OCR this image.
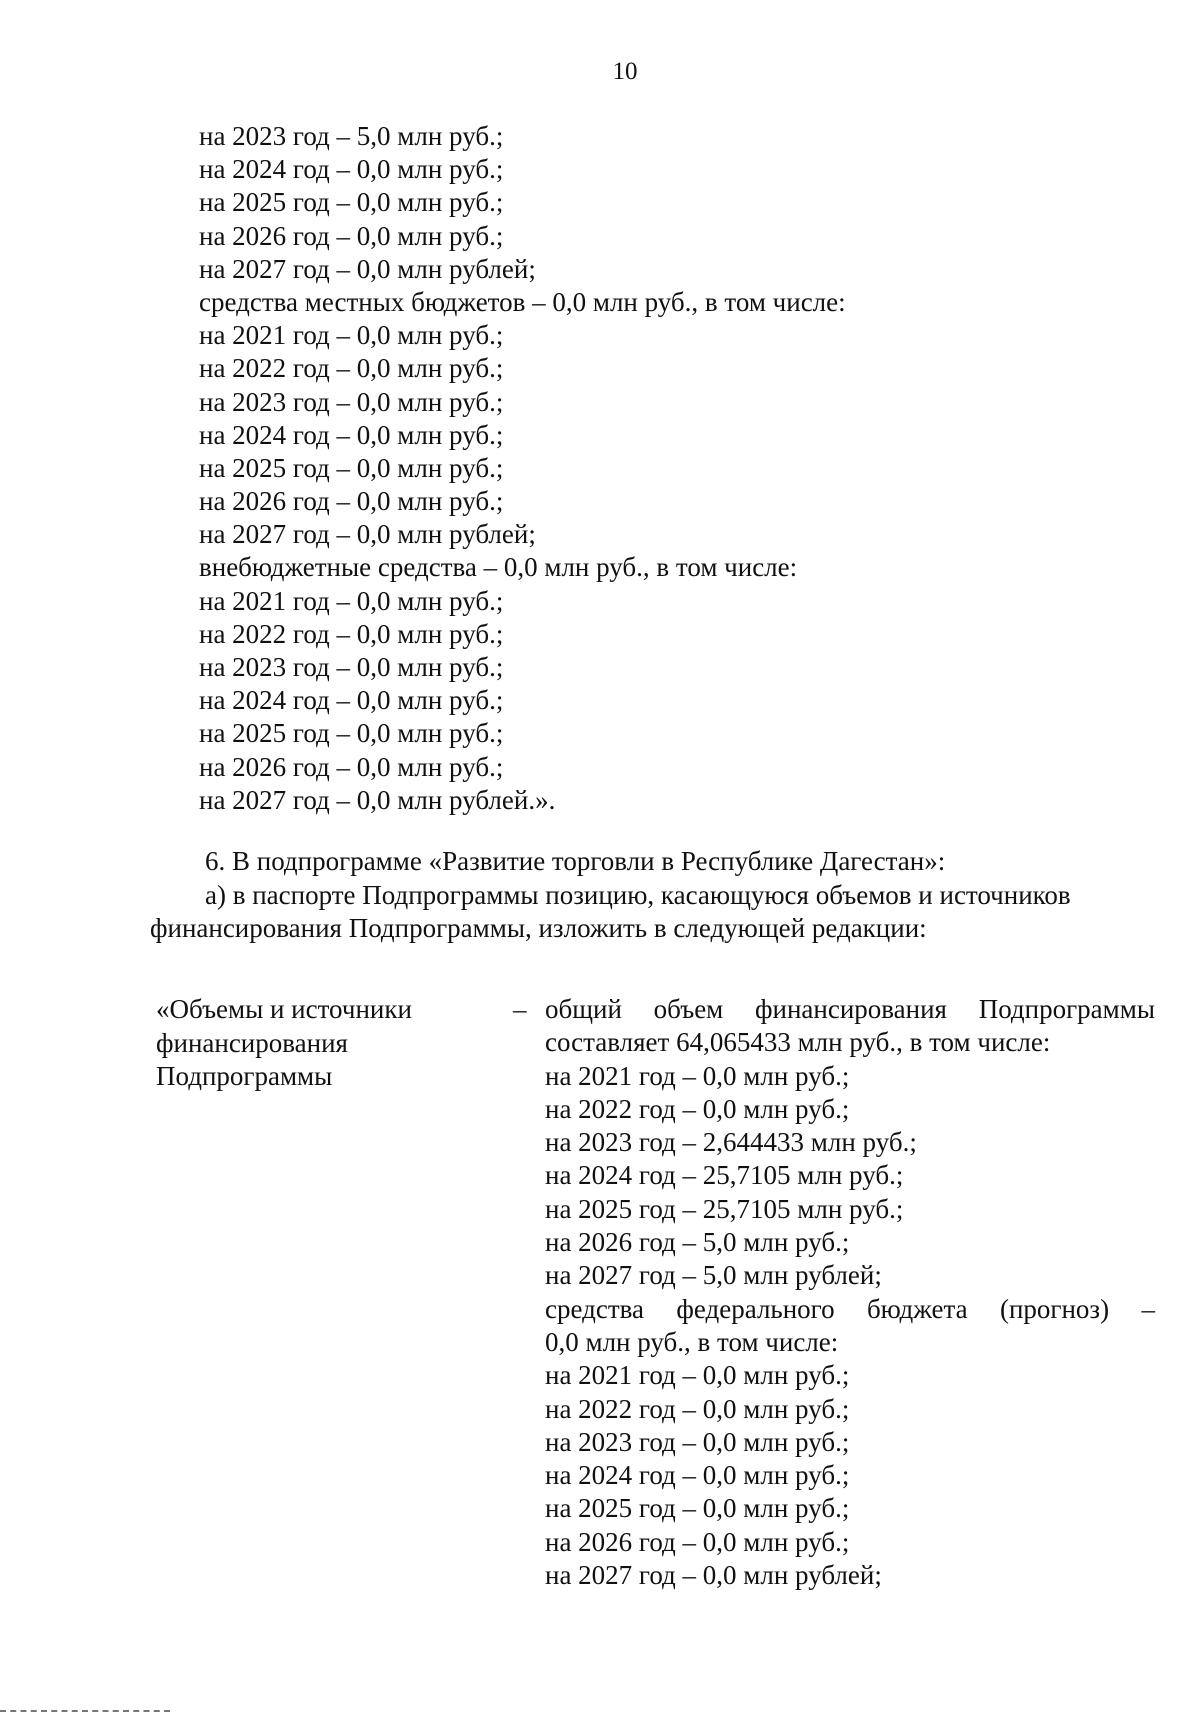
10
на 2023 год – 5,0 млн руб.;
на 2024 год – 0,0 млн руб.;
на 2025 год – 0,0 млн руб.;
на 2026 год – 0,0 млн руб.;
на 2027 год – 0,0 млн рублей;
средства местных бюджетов – 0,0 млн руб., в том числе:
на 2021 год – 0,0 млн руб.;
на 2022 год – 0,0 млн руб.;
на 2023 год – 0,0 млн руб.;
на 2024 год – 0,0 млн руб.;
на 2025 год – 0,0 млн руб.;
на 2026 год – 0,0 млн руб.;
на 2027 год – 0,0 млн рублей;
внебюджетные средства – 0,0 млн руб., в том числе:
на 2021 год – 0,0 млн руб.;
на 2022 год – 0,0 млн руб.;
на 2023 год – 0,0 млн руб.;
на 2024 год – 0,0 млн руб.;
на 2025 год – 0,0 млн руб.;
на 2026 год – 0,0 млн руб.;
на 2027 год – 0,0 млн рублей.».
6. В подпрограмме «Развитие торговли в Республике Дагестан»:
а) в паспорте Подпрограммы позицию, касающуюся объемов и источников
финансирования Подпрограммы, изложить в следующей редакции:
«Объемы и источники
финансирования
Подпрограммы
– общий объем финансирования Подпрограммы
составляет 64,065433 млн руб., в том числе:
на 2021 год – 0,0 млн руб.;
на 2022 год – 0,0 млн руб.;
на 2023 год – 2,644433 млн руб.;
на 2024 год – 25,7105 млн руб.;
на 2025 год – 25,7105 млн руб.;
на 2026 год – 5,0 млн руб.;
на 2027 год – 5,0 млн рублей;
средства федерального бюджета (прогноз) –
0,0 млн руб., в том числе:
на 2021 год – 0,0 млн руб.;
на 2022 год – 0,0 млн руб.;
на 2023 год – 0,0 млн руб.;
на 2024 год – 0,0 млн руб.;
на 2025 год – 0,0 млн руб.;
на 2026 год – 0,0 млн руб.;
на 2027 год – 0,0 млн рублей;
